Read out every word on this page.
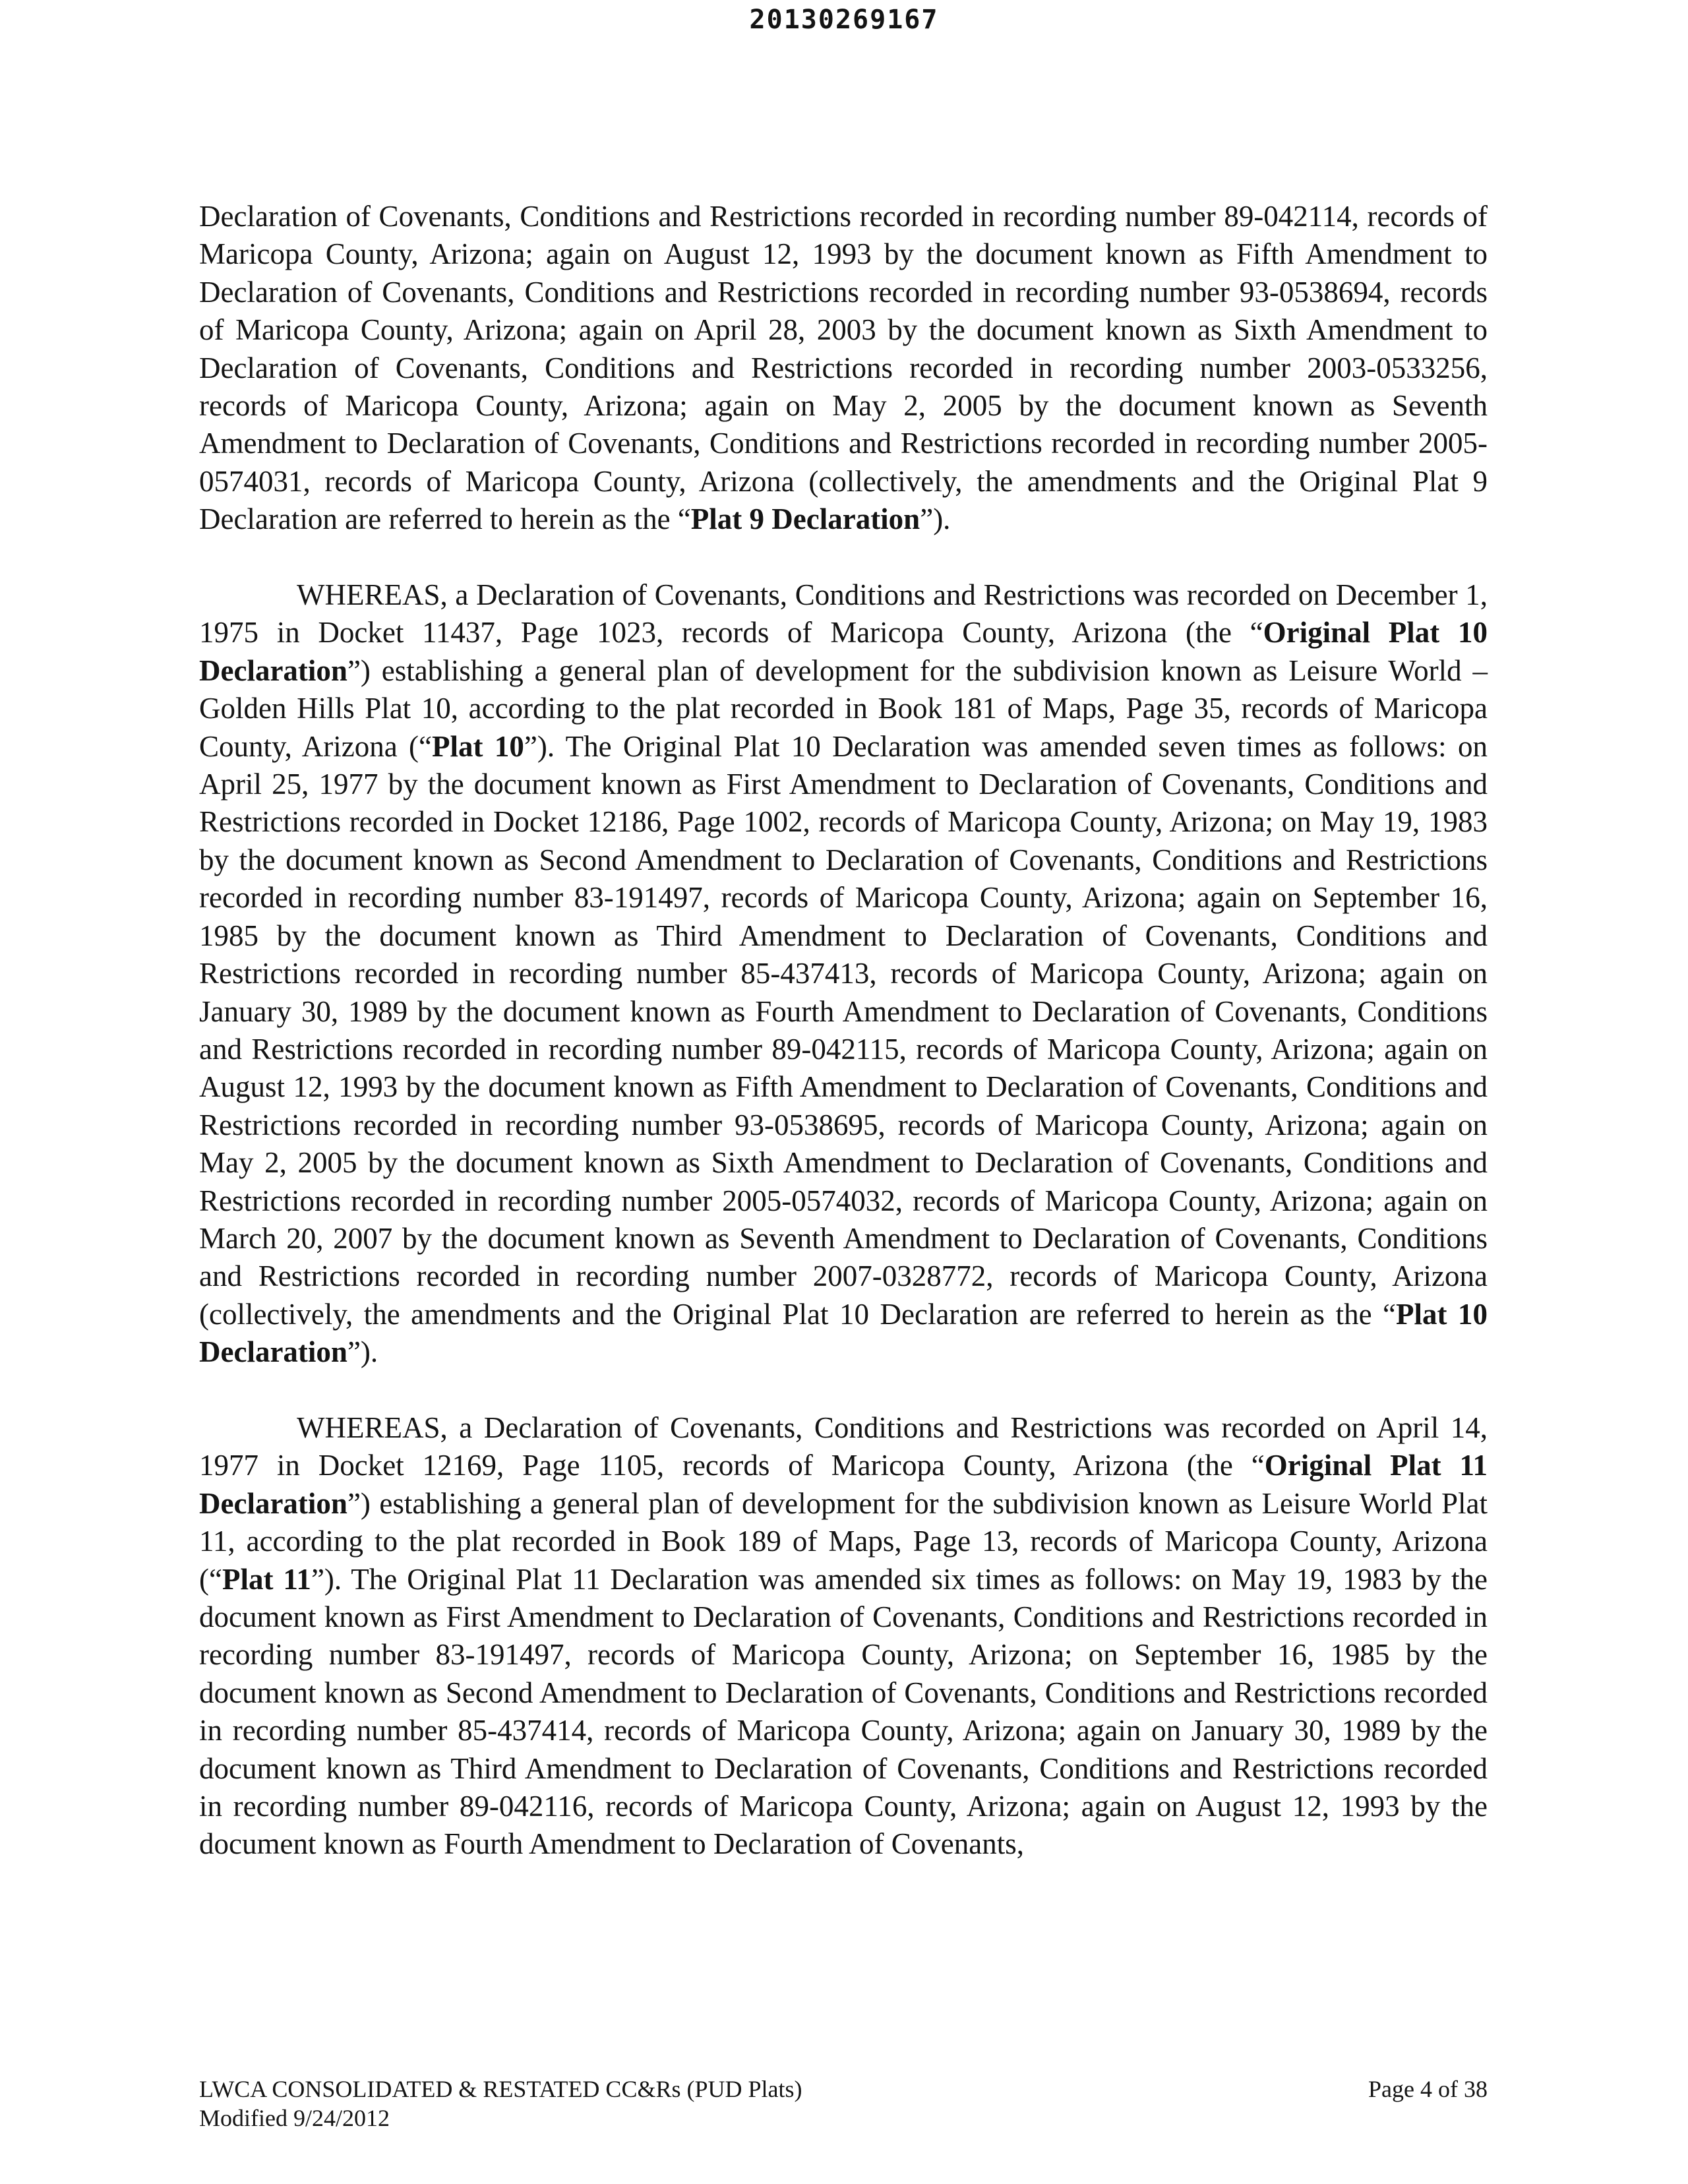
20130269167

Declaration of Covenants, Conditions and Restrictions recorded in recording number 89-042114, records of Maricopa County, Arizona; again on August 12, 1993 by the document known as Fifth Amendment to Declaration of Covenants, Conditions and Restrictions recorded in recording number 93-0538694, records of Maricopa County, Arizona; again on April 28, 2003 by the document known as Sixth Amendment to Declaration of Covenants, Conditions and Restrictions recorded in recording number 2003-0533256, records of Maricopa County, Arizona; again on May 2, 2005 by the document known as Seventh Amendment to Declaration of Covenants, Conditions and Restrictions recorded in recording number 2005-0574031, records of Maricopa County, Arizona (collectively, the amendments and the Original Plat 9 Declaration are referred to herein as the “Plat 9 Declaration”).

WHEREAS, a Declaration of Covenants, Conditions and Restrictions was recorded on December 1, 1975 in Docket 11437, Page 1023, records of Maricopa County, Arizona (the “Original Plat 10 Declaration”) establishing a general plan of development for the subdivision known as Leisure World – Golden Hills Plat 10, according to the plat recorded in Book 181 of Maps, Page 35, records of Maricopa County, Arizona (“Plat 10”). The Original Plat 10 Declaration was amended seven times as follows: on April 25, 1977 by the document known as First Amendment to Declaration of Covenants, Conditions and Restrictions recorded in Docket 12186, Page 1002, records of Maricopa County, Arizona; on May 19, 1983 by the document known as Second Amendment to Declaration of Covenants, Conditions and Restrictions recorded in recording number 83-191497, records of Maricopa County, Arizona; again on September 16, 1985 by the document known as Third Amendment to Declaration of Covenants, Conditions and Restrictions recorded in recording number 85-437413, records of Maricopa County, Arizona; again on January 30, 1989 by the document known as Fourth Amendment to Declaration of Covenants, Conditions and Restrictions recorded in recording number 89-042115, records of Maricopa County, Arizona; again on August 12, 1993 by the document known as Fifth Amendment to Declaration of Covenants, Conditions and Restrictions recorded in recording number 93-0538695, records of Maricopa County, Arizona; again on May 2, 2005 by the document known as Sixth Amendment to Declaration of Covenants, Conditions and Restrictions recorded in recording number 2005-0574032, records of Maricopa County, Arizona; again on March 20, 2007 by the document known as Seventh Amendment to Declaration of Covenants, Conditions and Restrictions recorded in recording number 2007-0328772, records of Maricopa County, Arizona (collectively, the amendments and the Original Plat 10 Declaration are referred to herein as the “Plat 10 Declaration”).

WHEREAS, a Declaration of Covenants, Conditions and Restrictions was recorded on April 14, 1977 in Docket 12169, Page 1105, records of Maricopa County, Arizona (the “Original Plat 11 Declaration”) establishing a general plan of development for the subdivision known as Leisure World Plat 11, according to the plat recorded in Book 189 of Maps, Page 13, records of Maricopa County, Arizona (“Plat 11”). The Original Plat 11 Declaration was amended six times as follows: on May 19, 1983 by the document known as First Amendment to Declaration of Covenants, Conditions and Restrictions recorded in recording number 83-191497, records of Maricopa County, Arizona; on September 16, 1985 by the document known as Second Amendment to Declaration of Covenants, Conditions and Restrictions recorded in recording number 85-437414, records of Maricopa County, Arizona; again on January 30, 1989 by the document known as Third Amendment to Declaration of Covenants, Conditions and Restrictions recorded in recording number 89-042116, records of Maricopa County, Arizona; again on August 12, 1993 by the document known as Fourth Amendment to Declaration of Covenants,

LWCA CONSOLIDATED & RESTATED CC&Rs (PUD Plats)
Modified 9/24/2012
Page 4 of 38
